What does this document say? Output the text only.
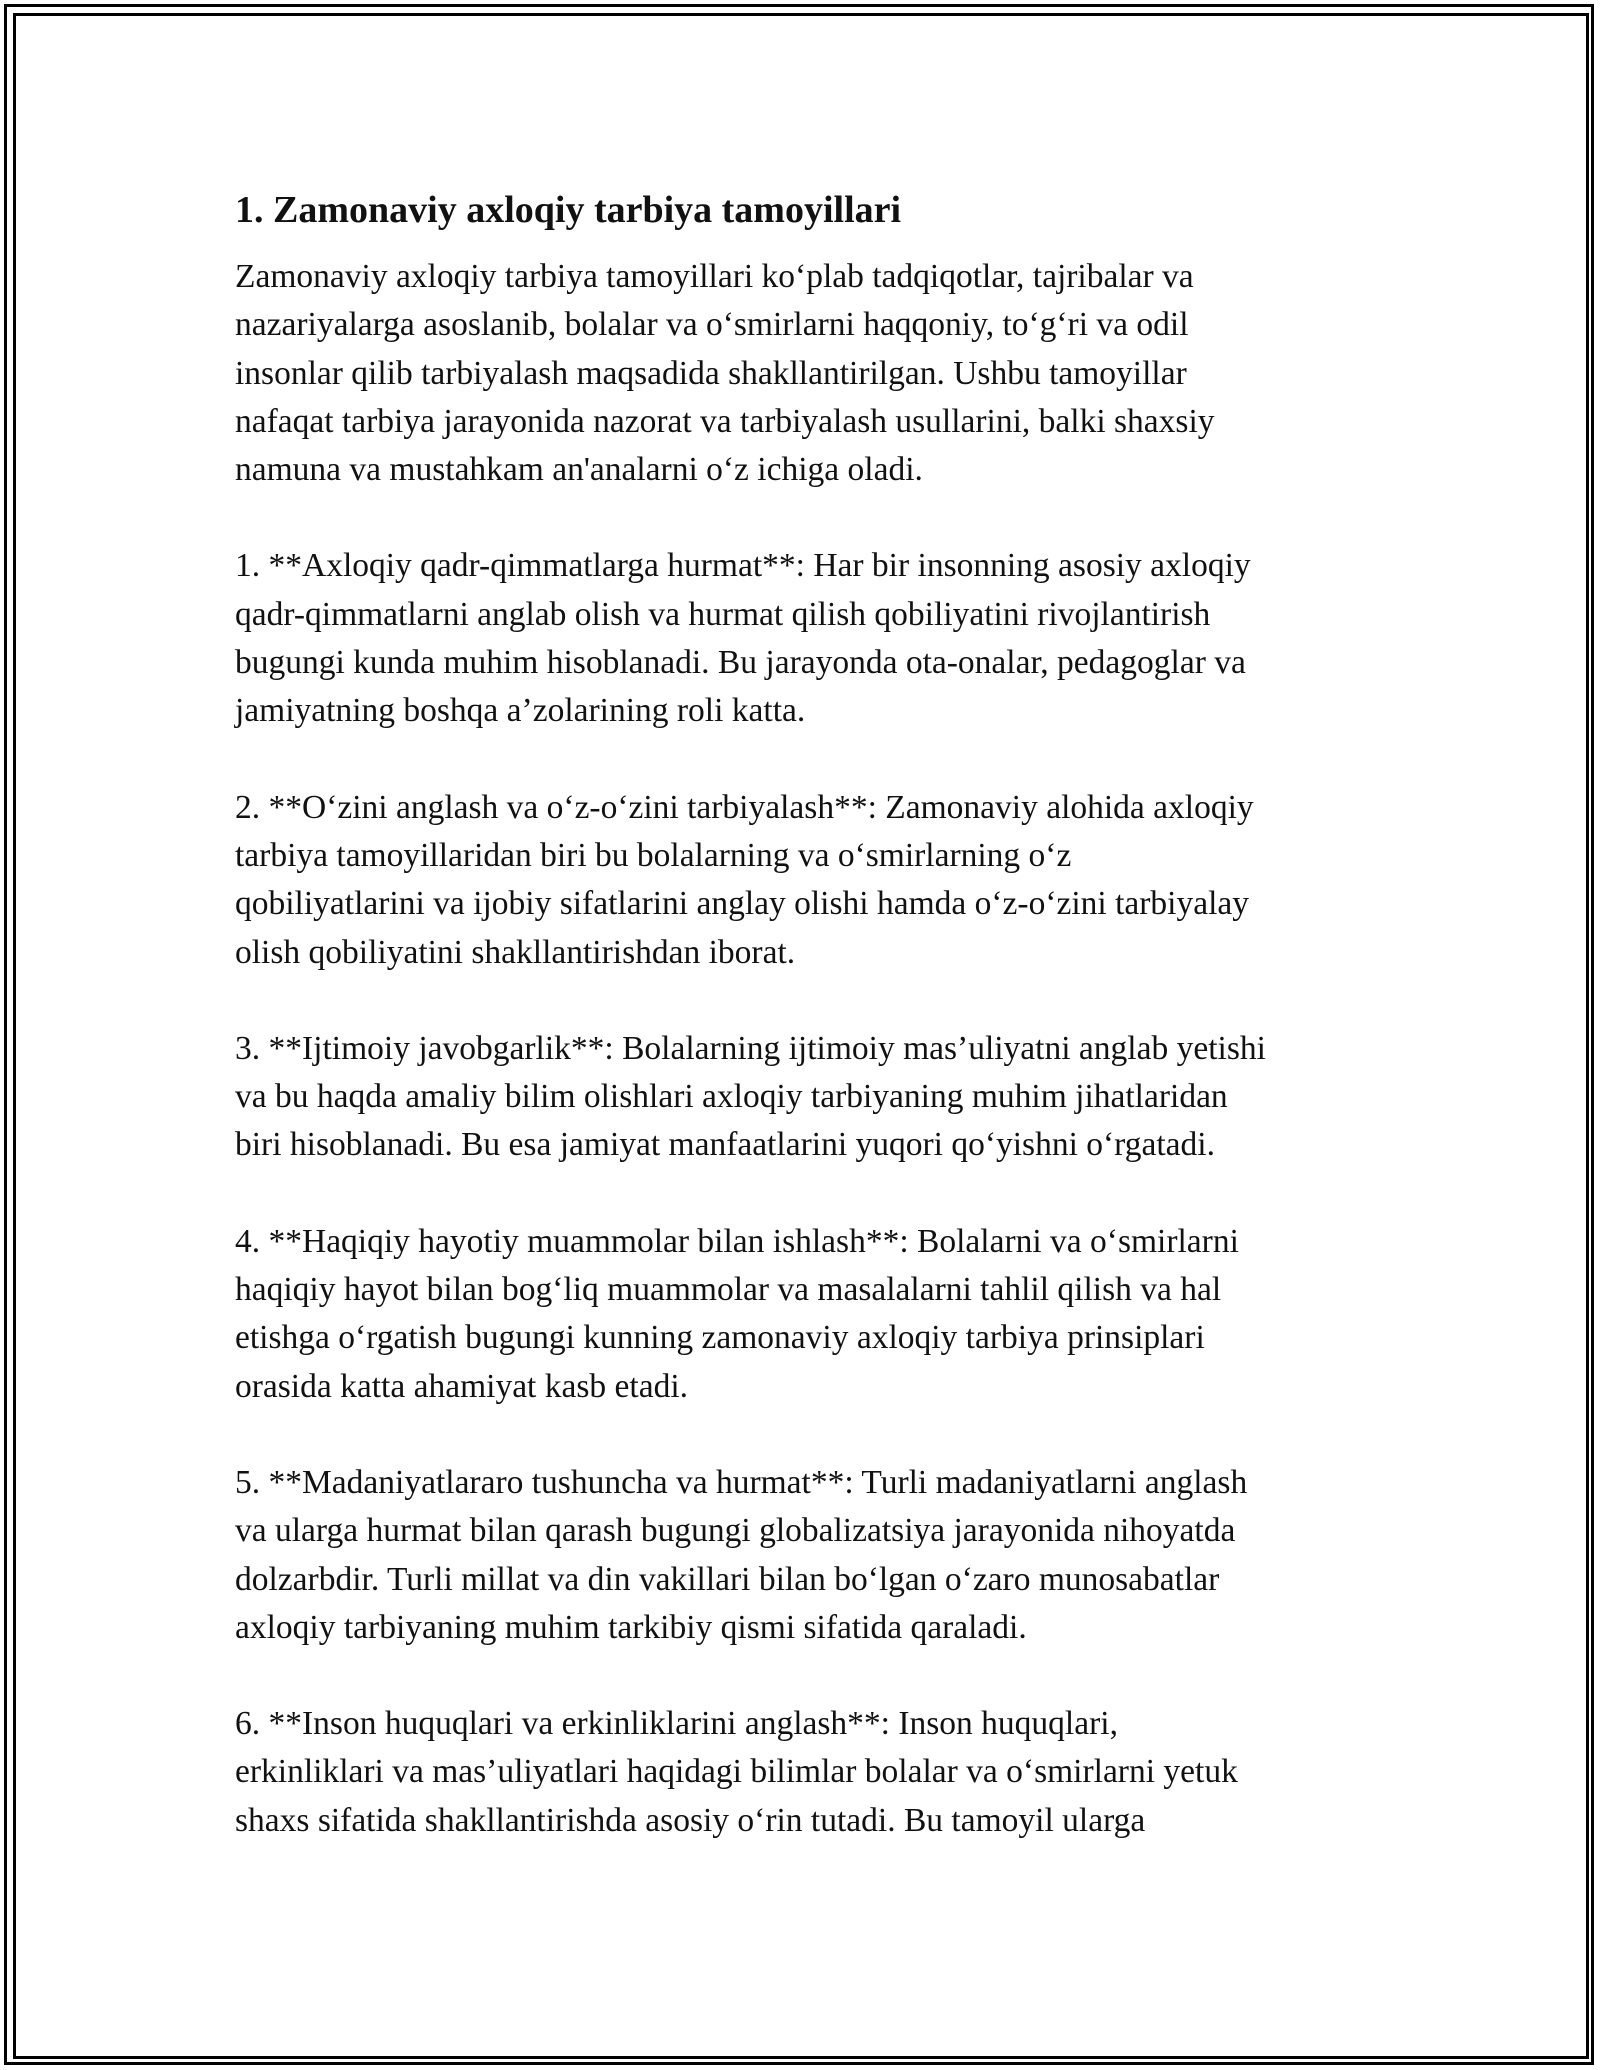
1. Zamonaviy axloqiy tarbiya tamoyillari
Zamonaviy axloqiy tarbiya tamoyillari ko‘plab tadqiqotlar, tajribalar va
nazariyalarga asoslanib, bolalar va o‘smirlarni haqqoniy, to‘g‘ri va odil
insonlar qilib tarbiyalash maqsadida shakllantirilgan. Ushbu tamoyillar
nafaqat tarbiya jarayonida nazorat va tarbiyalash usullarini, balki shaxsiy
namuna va mustahkam an'analarni o‘z ichiga oladi.
1. **Axloqiy qadr-qimmatlarga hurmat**: Har bir insonning asosiy axloqiy
qadr-qimmatlarni anglab olish va hurmat qilish qobiliyatini rivojlantirish
bugungi kunda muhim hisoblanadi. Bu jarayonda ota-onalar, pedagoglar va
jamiyatning boshqa a’zolarining roli katta.
2. **O‘zini anglash va o‘z-o‘zini tarbiyalash**: Zamonaviy alohida axloqiy
tarbiya tamoyillaridan biri bu bolalarning va o‘smirlarning o‘z
qobiliyatlarini va ijobiy sifatlarini anglay olishi hamda o‘z-o‘zini tarbiyalay
olish qobiliyatini shakllantirishdan iborat.
3. **Ijtimoiy javobgarlik**: Bolalarning ijtimoiy mas’uliyatni anglab yetishi
va bu haqda amaliy bilim olishlari axloqiy tarbiyaning muhim jihatlaridan
biri hisoblanadi. Bu esa jamiyat manfaatlarini yuqori qo‘yishni o‘rgatadi.
4. **Haqiqiy hayotiy muammolar bilan ishlash**: Bolalarni va o‘smirlarni
haqiqiy hayot bilan bog‘liq muammolar va masalalarni tahlil qilish va hal
etishga o‘rgatish bugungi kunning zamonaviy axloqiy tarbiya prinsiplari
orasida katta ahamiyat kasb etadi.
5. **Madaniyatlararo tushuncha va hurmat**: Turli madaniyatlarni anglash
va ularga hurmat bilan qarash bugungi globalizatsiya jarayonida nihoyatda
dolzarbdir. Turli millat va din vakillari bilan bo‘lgan o‘zaro munosabatlar
axloqiy tarbiyaning muhim tarkibiy qismi sifatida qaraladi.
6. **Inson huquqlari va erkinliklarini anglash**: Inson huquqlari,
erkinliklari va mas’uliyatlari haqidagi bilimlar bolalar va o‘smirlarni yetuk
shaxs sifatida shakllantirishda asosiy o‘rin tutadi. Bu tamoyil ularga
